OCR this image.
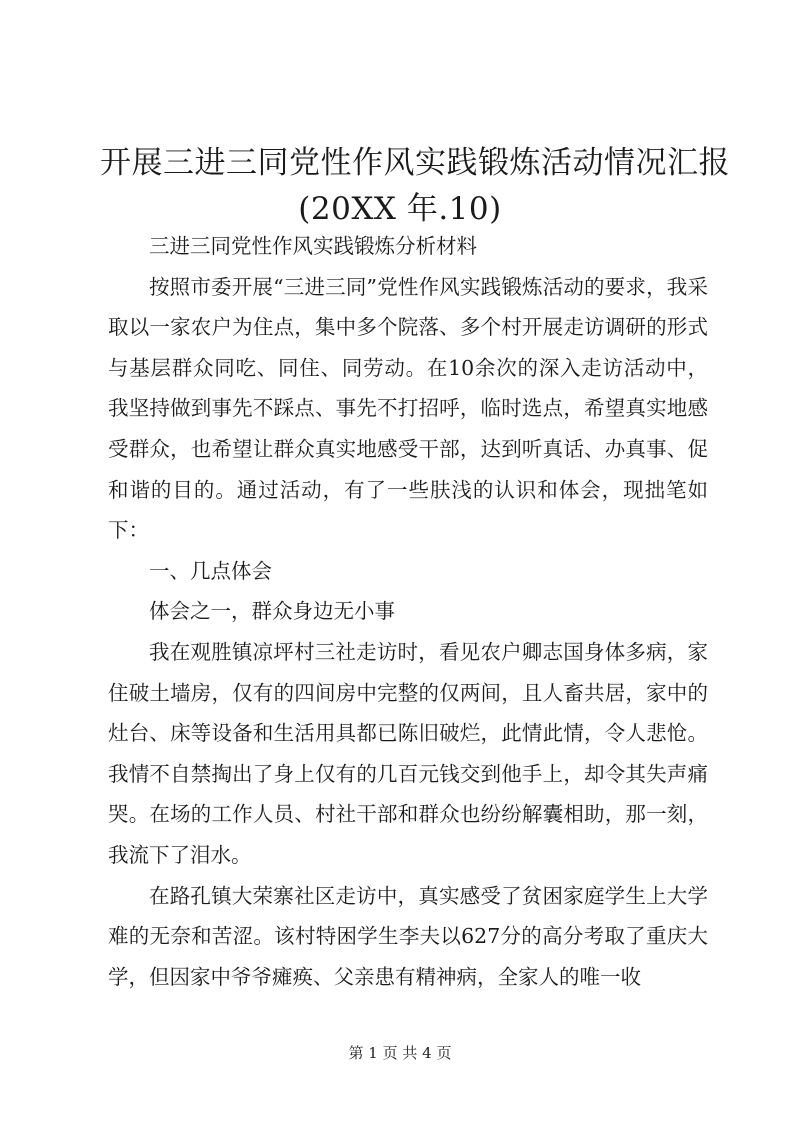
开展三进三同党性作风实践锻炼活动情况汇报
(20XX 年.10)

三进三同党性作风实践锻炼分析材料

按照市委开展“三进三同”党性作风实践锻炼活动的要求，我采取以一家农户为住点，集中多个院落、多个村开展走访调研的形式与基层群众同吃、同住、同劳动。在10余次的深入走访活动中，我坚持做到事先不踩点、事先不打招呼，临时选点，希望真实地感受群众，也希望让群众真实地感受干部，达到听真话、办真事、促和谐的目的。通过活动，有了一些肤浅的认识和体会，现拙笔如下：

一、几点体会

体会之一，群众身边无小事

我在观胜镇凉坪村三社走访时，看见农户卿志国身体多病，家住破土墙房，仅有的四间房中完整的仅两间，且人畜共居，家中的灶台、床等设备和生活用具都已陈旧破烂，此情此情，令人悲怆。我情不自禁掏出了身上仅有的几百元钱交到他手上，却令其失声痛哭。在场的工作人员、村社干部和群众也纷纷解囊相助，那一刻，我流下了泪水。

在路孔镇大荣寨社区走访中，真实感受了贫困家庭学生上大学难的无奈和苦涩。该村特困学生李夫以627分的高分考取了重庆大学，但因家中爷爷瘫痪、父亲患有精神病，全家人的唯一收

第 1 页 共 4 页
